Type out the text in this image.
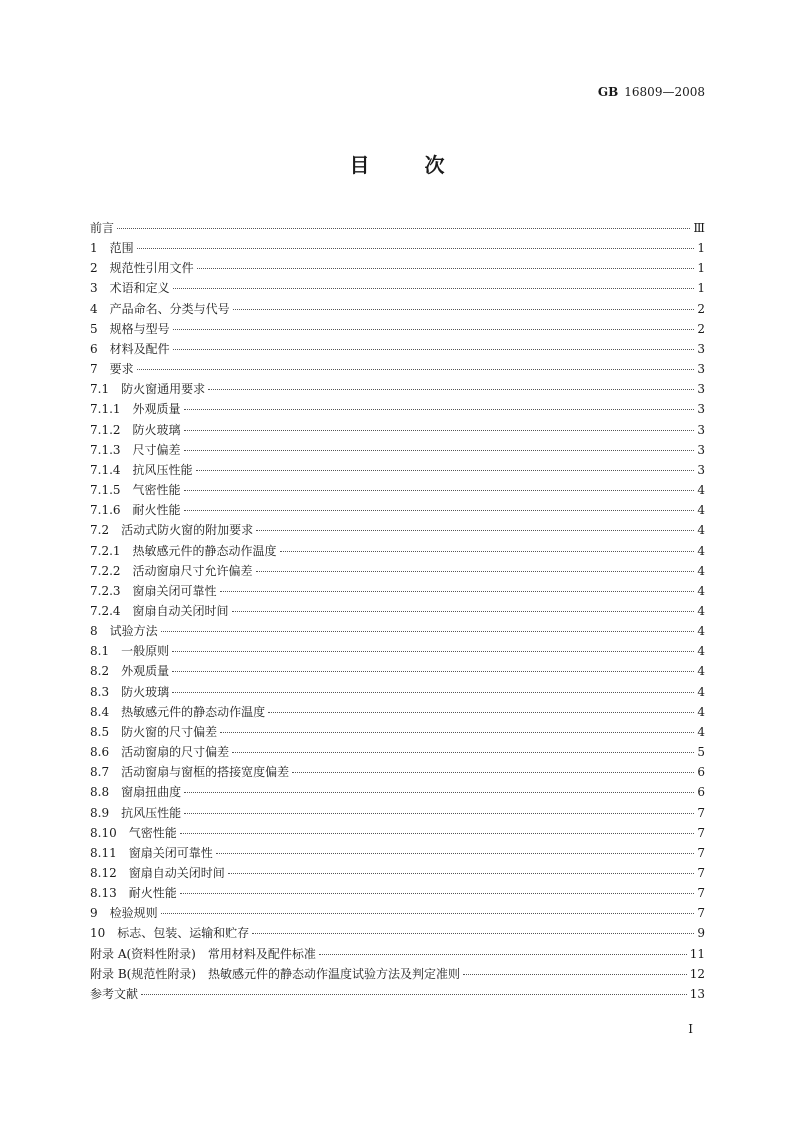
GB 16809—2008
目 次
前言	Ⅲ
1 范围	1
2 规范性引用文件	1
3 术语和定义	1
4 产品命名、分类与代号	2
5 规格与型号	2
6 材料及配件	3
7 要求	3
7.1 防火窗通用要求	3
7.1.1 外观质量	3
7.1.2 防火玻璃	3
7.1.3 尺寸偏差	3
7.1.4 抗风压性能	3
7.1.5 气密性能	4
7.1.6 耐火性能	4
7.2 活动式防火窗的附加要求	4
7.2.1 热敏感元件的静态动作温度	4
7.2.2 活动窗扇尺寸允许偏差	4
7.2.3 窗扇关闭可靠性	4
7.2.4 窗扇自动关闭时间	4
8 试验方法	4
8.1 一般原则	4
8.2 外观质量	4
8.3 防火玻璃	4
8.4 热敏感元件的静态动作温度	4
8.5 防火窗的尺寸偏差	4
8.6 活动窗扇的尺寸偏差	5
8.7 活动窗扇与窗框的搭接宽度偏差	6
8.8 窗扇扭曲度	6
8.9 抗风压性能	7
8.10 气密性能	7
8.11 窗扇关闭可靠性	7
8.12 窗扇自动关闭时间	7
8.13 耐火性能	7
9 检验规则	7
10 标志、包装、运输和贮存	9
附录 A(资料性附录) 常用材料及配件标准	11
附录 B(规范性附录) 热敏感元件的静态动作温度试验方法及判定准则	12
参考文献	13
I
